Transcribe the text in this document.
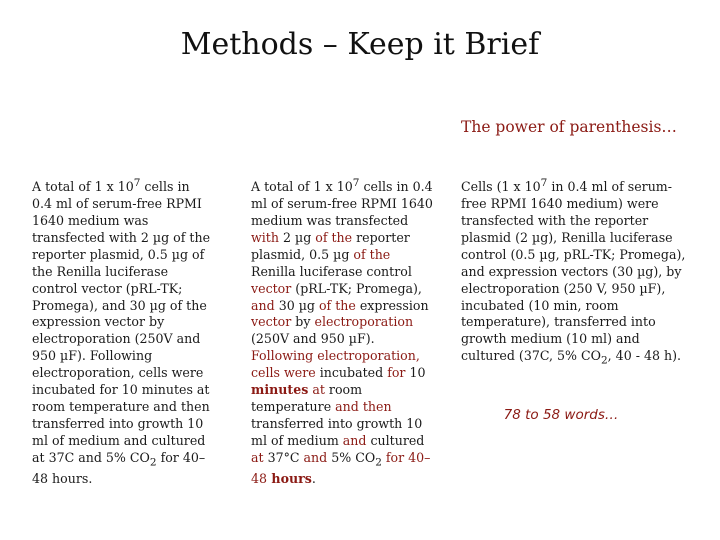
Methods – Keep it Brief
The power of parenthesis…

A total of 1 x $10^7$ cells in 0.4 ml of serum-free RPMI 1640 medium was transfected with 2 µg of the reporter plasmid, 0.5 µg of the Renilla luciferase control vector (pRL-TK; Promega), and 30 µg of the expression vector by electroporation (250V and 950 µF). Following electroporation, cells were incubated for 10 minutes at room temperature and then transferred into growth 10 ml of medium and cultured at 37C and 5% $CO_2$ for 40–48 hours.

A total of 1 x $10^7$ cells in 0.4 ml of serum-free RPMI 1640 medium was transfected with 2 µg of the reporter plasmid, 0.5 µg of the Renilla luciferase control vector (pRL-TK; Promega), and 30 µg of the expression vector by electroporation (250V and 950 µF). Following electroporation, cells were incubated for 10 minutes at room temperature and then transferred into growth 10 ml of medium and cultured at 37°C and 5% $CO_2$ for 40–48 hours.

Cells (1 x $10^7$ in 0.4 ml of serum-free RPMI 1640 medium) were transfected with the reporter plasmid (2 µg), Renilla luciferase control (0.5 µg, pRL-TK; Promega), and expression vectors (30 µg), by electroporation (250 V, 950 µF), incubated (10 min, room temperature), transferred into growth medium (10 ml) and cultured (37C, 5% $CO_2$, 40 - 48 h).

78 to 58 words…
